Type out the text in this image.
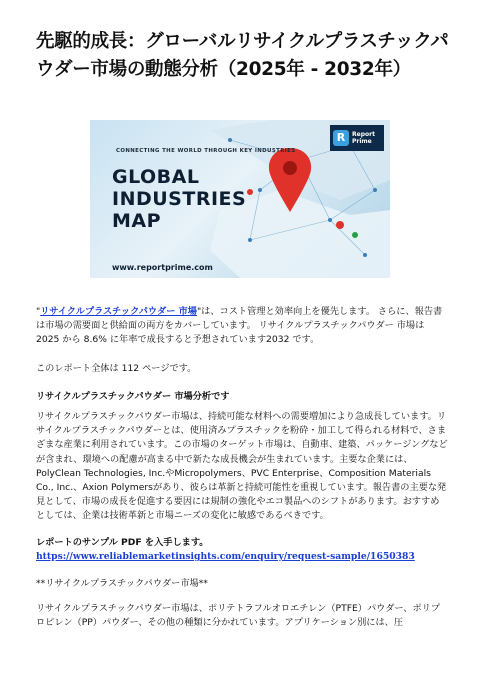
先駆的成長：グローバルリサイクルプラスチックパウダー市場の動態分析（2025年 - 2032年）
CONNECTING THE WORLD THROUGH KEY INDUSTRIES
GLOBAL
INDUSTRIES
MAP
www.reportprime.com
R	Report
Prime

"リサイクルプラスチックパウダー 市場"は、コスト管理と効率向上を優先します。 さらに、報告書は市場の需要面と供給面の両方をカバーしています。 リサイクルプラスチックパウダー 市場は 2025 から 8.6% に年率で成長すると予想されています2032 です。

このレポート全体は 112 ページです。

リサイクルプラスチックパウダー 市場分析です

リサイクルプラスチックパウダー市場は、持続可能な材料への需要増加により急成長しています。リサイクルプラスチックパウダーとは、使用済みプラスチックを粉砕・加工して得られる材料で、さまざまな産業に利用されています。この市場のターゲット市場は、自動車、建築、パッケージングなどが含まれ、環境への配慮が高まる中で新たな成長機会が生まれています。主要な企業には、PolyClean Technologies, Inc.やMicropolymers、PVC Enterprise、Composition Materials Co., Inc.、Axion Polymersがあり、彼らは革新と持続可能性を重視しています。報告書の主要な発見として、市場の成長を促進する要因には規制の強化やエコ製品へのシフトがあります。おすすめとしては、企業は技術革新と市場ニーズの変化に敏感であるべきです。

レポートのサンプル PDF を入手します。 https://www.reliablemarketinsights.com/enquiry/request-sample/1650383

**リサイクルプラスチックパウダー市場**

リサイクルプラスチックパウダー市場は、ポリテトラフルオロエチレン（PTFE）パウダー、ポリプロピレン（PP）パウダー、その他の種類に分かれています。アプリケーション別には、圧
